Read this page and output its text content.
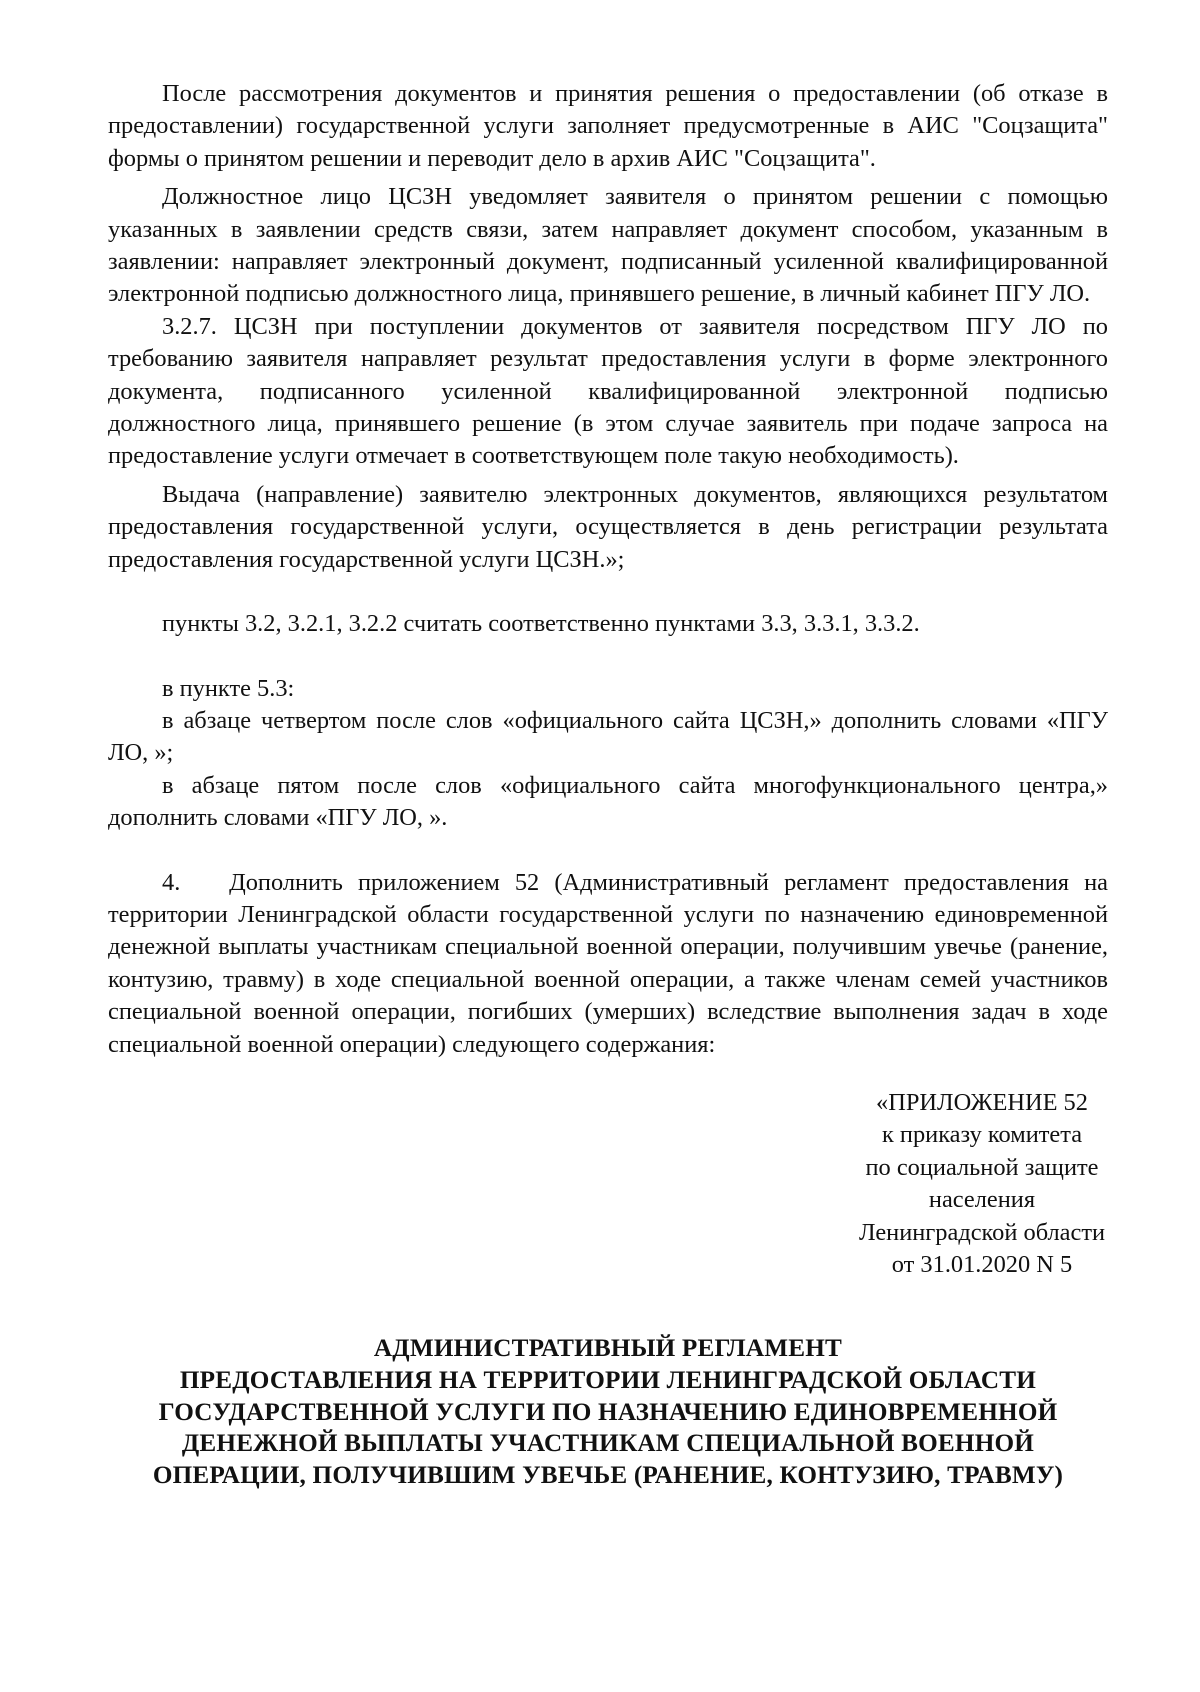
После рассмотрения документов и принятия решения о предоставлении (об отказе в предоставлении) государственной услуги заполняет предусмотренные в АИС "Соцзащита" формы о принятом решении и переводит дело в архив АИС "Соцзащита".

Должностное лицо ЦСЗН уведомляет заявителя о принятом решении с помощью указанных в заявлении средств связи, затем направляет документ способом, указанным в заявлении: направляет электронный документ, подписанный усиленной квалифицированной электронной подписью должностного лица, принявшего решение, в личный кабинет ПГУ ЛО.

3.2.7. ЦСЗН при поступлении документов от заявителя посредством ПГУ ЛО по требованию заявителя направляет результат предоставления услуги в форме электронного документа, подписанного усиленной квалифицированной электронной подписью должностного лица, принявшего решение (в этом случае заявитель при подаче запроса на предоставление услуги отмечает в соответствующем поле такую необходимость).

Выдача (направление) заявителю электронных документов, являющихся результатом предоставления государственной услуги, осуществляется в день регистрации результата предоставления государственной услуги ЦСЗН.»;

пункты 3.2, 3.2.1, 3.2.2 считать соответственно пунктами 3.3, 3.3.1, 3.3.2.

в пункте 5.3:

в абзаце четвертом после слов «официального сайта ЦСЗН,» дополнить словами «ПГУ ЛО, »;

в абзаце пятом после слов «официального сайта многофункционального центра,» дополнить словами «ПГУ ЛО, ».

4.  Дополнить приложением 52 (Административный регламент предоставления на территории Ленинградской области государственной услуги по назначению единовременной денежной выплаты участникам специальной военной операции, получившим увечье (ранение, контузию, травму) в ходе специальной военной операции, а также членам семей участников специальной военной операции, погибших (умерших) вследствие выполнения задач в ходе специальной военной операции) следующего содержания:

«ПРИЛОЖЕНИЕ 52
к приказу комитета
по социальной защите
населения
Ленинградской области
от 31.01.2020 N 5
АДМИНИСТРАТИВНЫЙ РЕГЛАМЕНТ
ПРЕДОСТАВЛЕНИЯ НА ТЕРРИТОРИИ ЛЕНИНГРАДСКОЙ ОБЛАСТИ
ГОСУДАРСТВЕННОЙ УСЛУГИ ПО НАЗНАЧЕНИЮ ЕДИНОВРЕМЕННОЙ
ДЕНЕЖНОЙ ВЫПЛАТЫ УЧАСТНИКАМ СПЕЦИАЛЬНОЙ ВОЕННОЙ
ОПЕРАЦИИ, ПОЛУЧИВШИМ УВЕЧЬЕ (РАНЕНИЕ, КОНТУЗИЮ, ТРАВМУ)
